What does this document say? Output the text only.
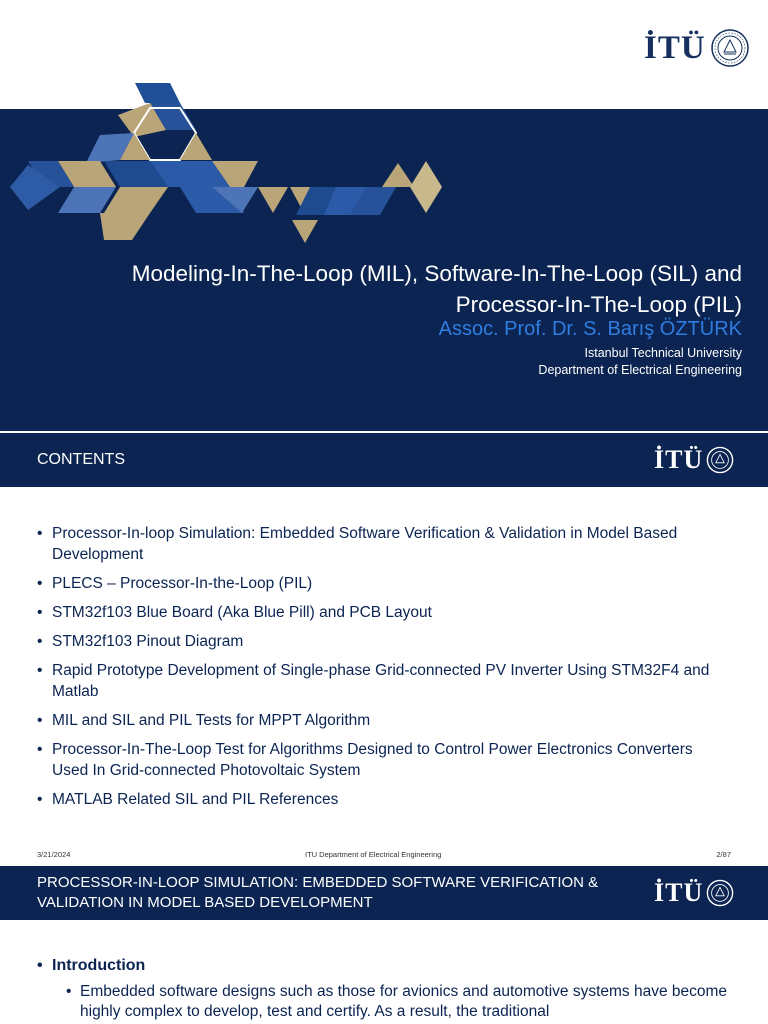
İTÜ
Modeling-In-The-Loop (MIL), Software-In-The-Loop (SIL) and
Processor-In-The-Loop (PIL)
Assoc. Prof. Dr. S. Barış ÖZTÜRK
Istanbul Technical University
Department of Electrical Engineering
CONTENTS	İTÜ
• Processor-In-loop Simulation: Embedded Software Verification & Validation in Model Based Development
• PLECS – Processor-In-the-Loop (PIL)
• STM32f103 Blue Board (Aka Blue Pill) and PCB Layout
• STM32f103 Pinout Diagram
• Rapid Prototype Development of Single-phase Grid-connected PV Inverter Using STM32F4 and Matlab
• MIL and SIL and PIL Tests for MPPT Algorithm
• Processor-In-The-Loop Test for Algorithms Designed to Control Power Electronics Converters Used In Grid-connected Photovoltaic System
• MATLAB Related SIL and PIL References
3/21/2024	ITU Department of Electrical Engineering	2/87
PROCESSOR-IN-LOOP SIMULATION: EMBEDDED SOFTWARE VERIFICATION &
VALIDATION IN MODEL BASED DEVELOPMENT	İTÜ
• Introduction
• Embedded software designs such as those for avionics and automotive systems have become highly complex to develop, test and certify. As a result, the traditional
